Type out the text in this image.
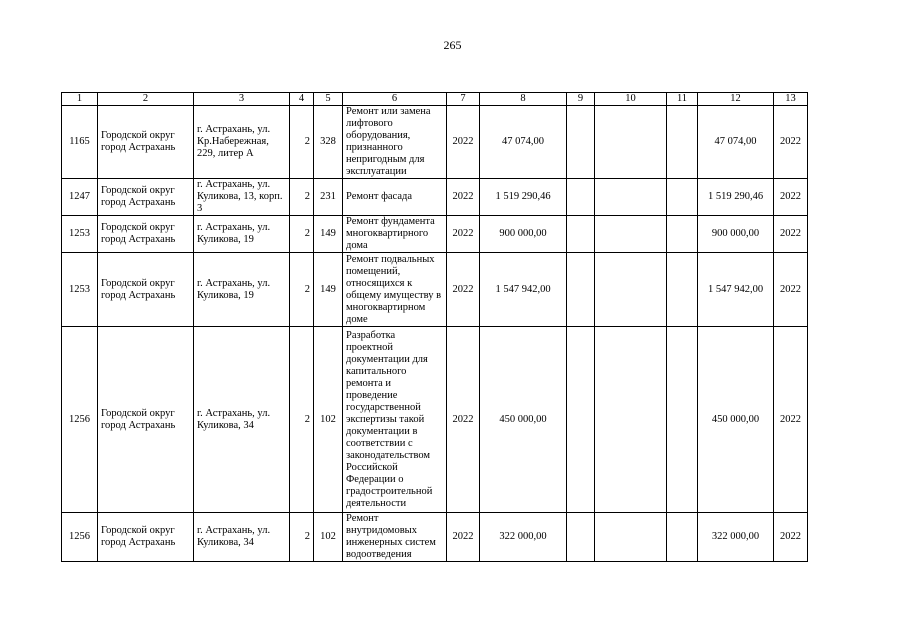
265
1	2	3	4	5	6	7	8	9	10	11	12	13
1165	Городской округ город Астрахань	г. Астрахань, ул. Кр.Набережная, 229, литер А	2	328	Ремонт или замена лифтового оборудования, признанного непригодным для эксплуатации	2022	47 074,00				47 074,00	2022
1247	Городской округ город Астрахань	г. Астрахань, ул. Куликова, 13, корп. 3	2	231	Ремонт фасада	2022	1 519 290,46				1 519 290,46	2022
1253	Городской округ город Астрахань	г. Астрахань, ул. Куликова, 19	2	149	Ремонт фундамента многоквартирного дома	2022	900 000,00				900 000,00	2022
1253	Городской округ город Астрахань	г. Астрахань, ул. Куликова, 19	2	149	Ремонт подвальных помещений, относящихся к общему имуществу в многоквартирном доме	2022	1 547 942,00				1 547 942,00	2022
1256	Городской округ город Астрахань	г. Астрахань, ул. Куликова, 34	2	102	Разработка проектной документации для капитального ремонта и проведение государственной экспертизы такой документации в соответствии с законодательством Российской Федерации о градостроительной деятельности	2022	450 000,00				450 000,00	2022
1256	Городской округ город Астрахань	г. Астрахань, ул. Куликова, 34	2	102	Ремонт внутридомовых инженерных систем водоотведения	2022	322 000,00				322 000,00	2022
